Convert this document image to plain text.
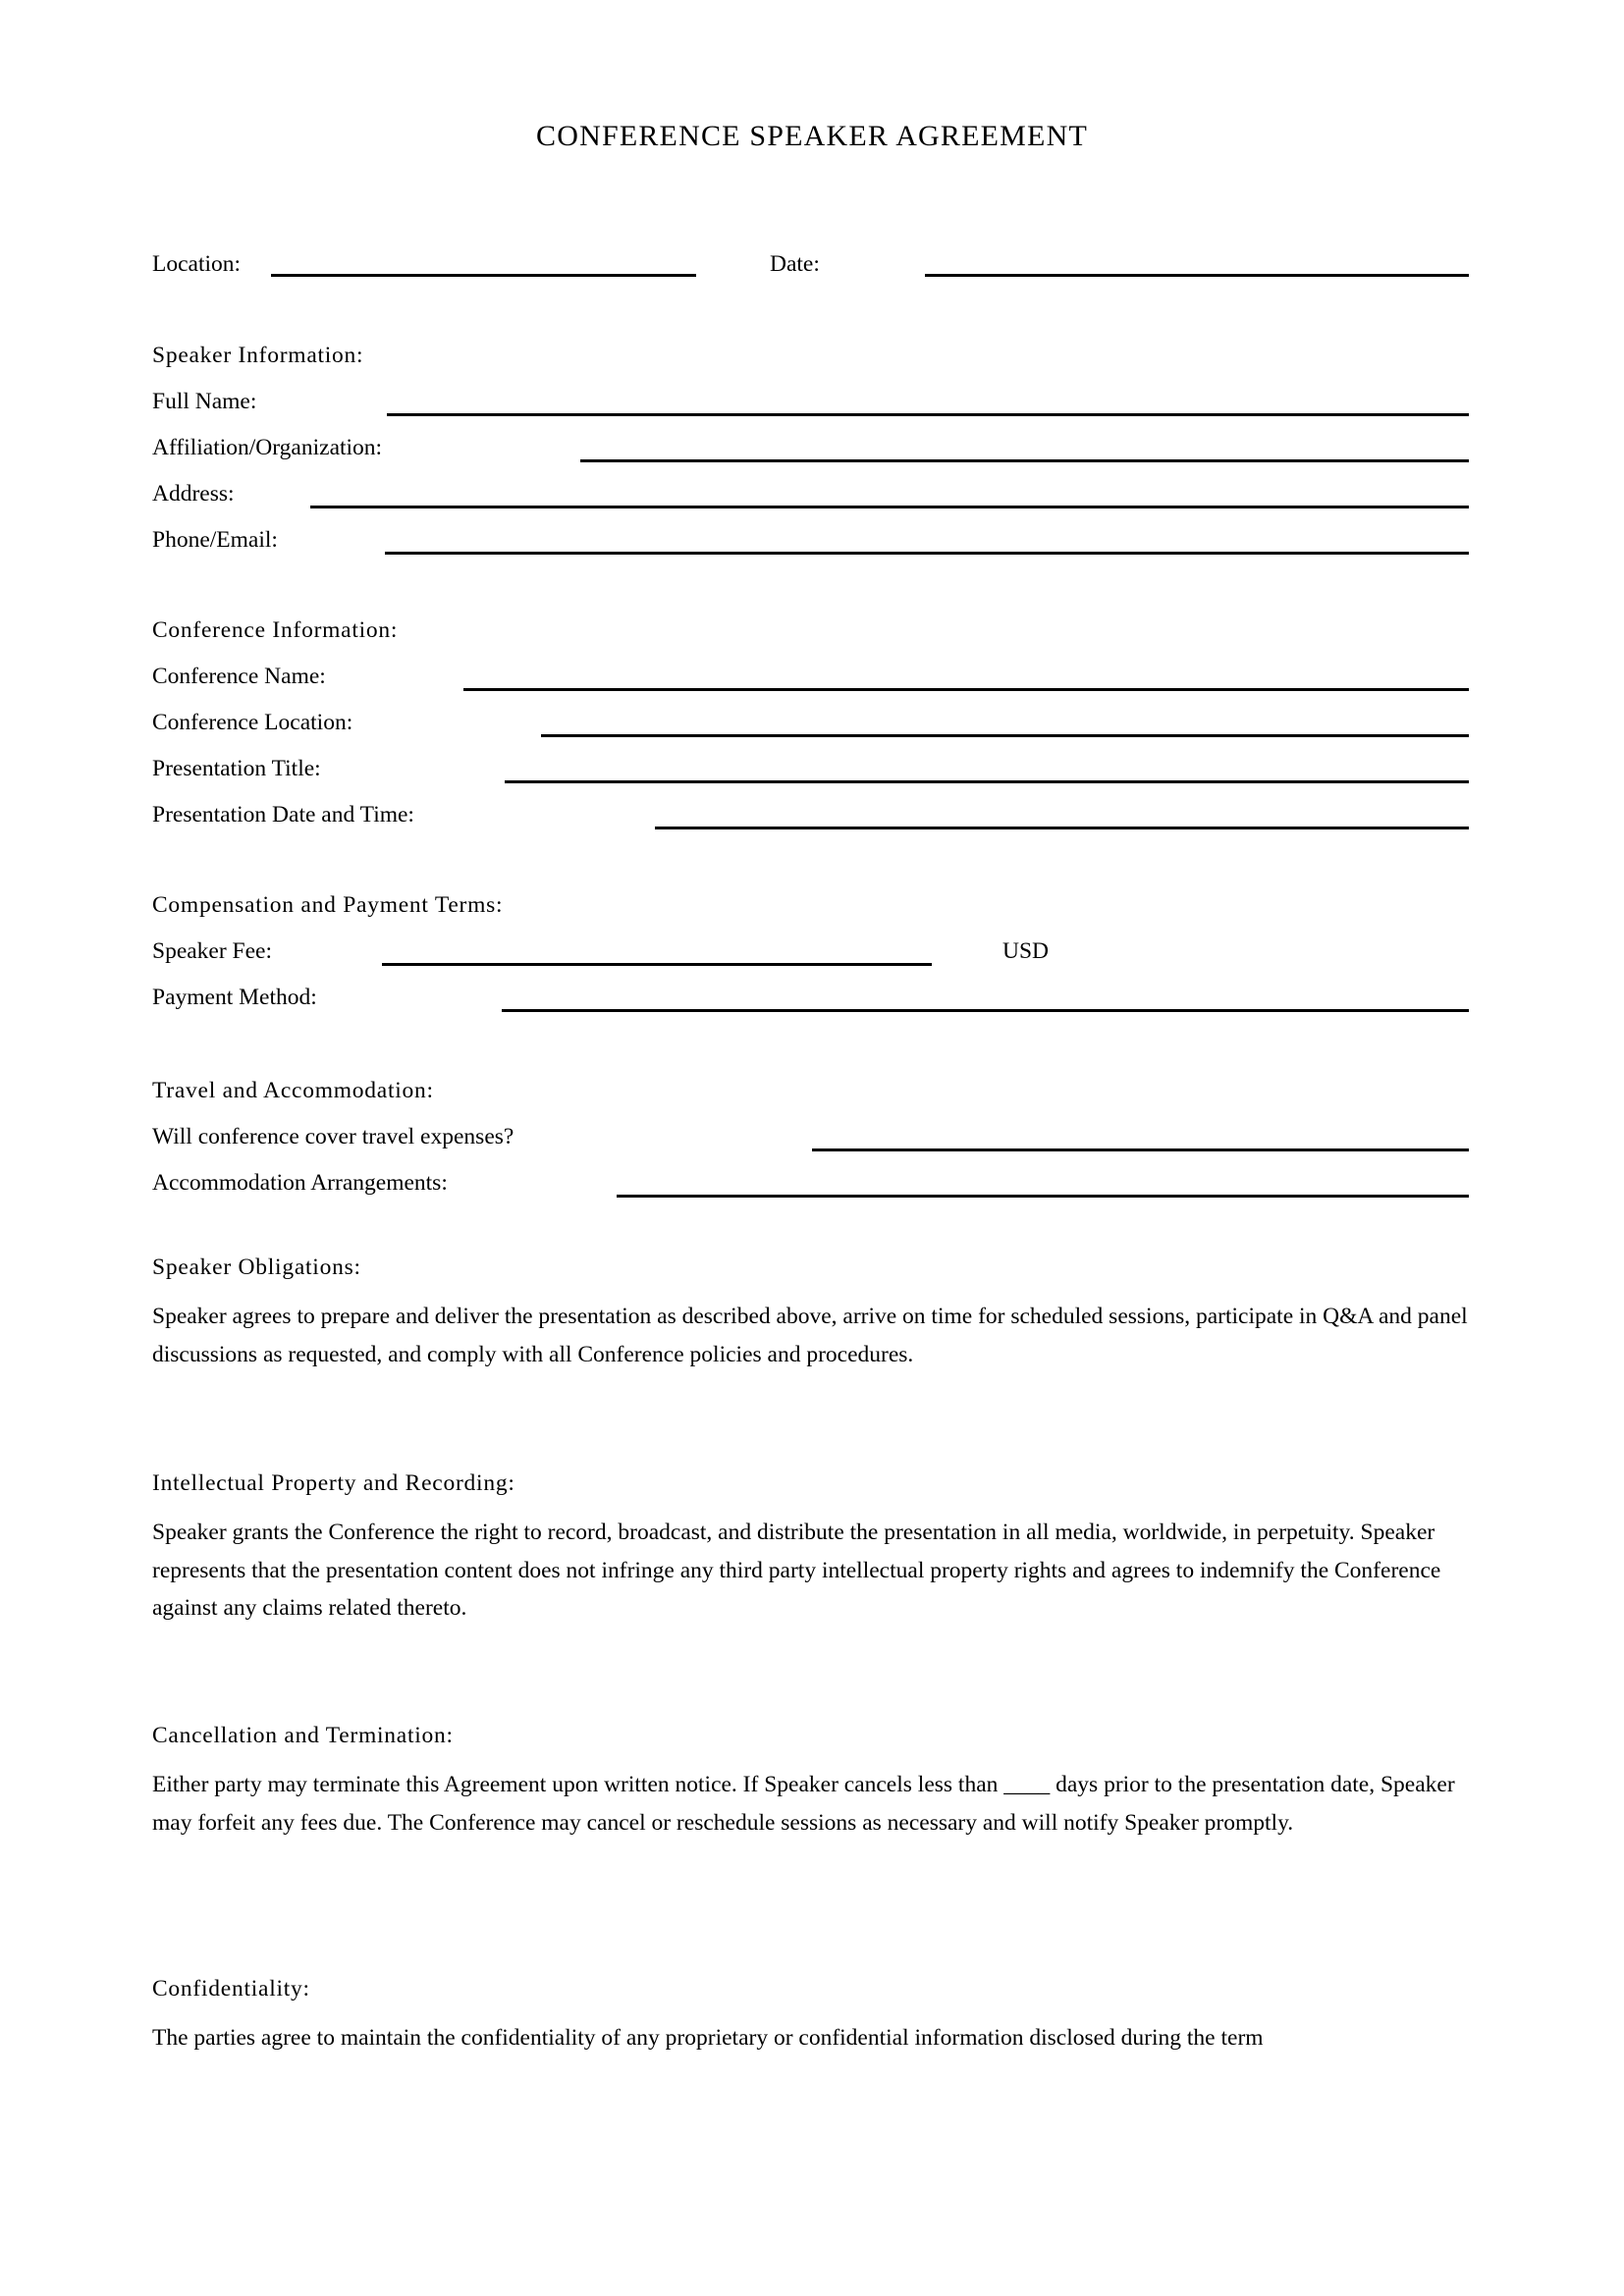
CONFERENCE SPEAKER AGREEMENT
Location:	Date:
Speaker Information:
Full Name:
Affiliation/Organization:
Address:
Phone/Email:
Conference Information:
Conference Name:
Conference Location:
Presentation Title:
Presentation Date and Time:
Compensation and Payment Terms:
Speaker Fee:	USD
Payment Method:
Travel and Accommodation:
Will conference cover travel expenses?
Accommodation Arrangements:
Speaker Obligations:
Speaker agrees to prepare and deliver the presentation as described above, arrive on time for scheduled sessions, participate in Q&A and panel discussions as requested, and comply with all Conference policies and procedures.
Intellectual Property and Recording:
Speaker grants the Conference the right to record, broadcast, and distribute the presentation in all media, worldwide, in perpetuity. Speaker represents that the presentation content does not infringe any third party intellectual property rights and agrees to indemnify the Conference against any claims related thereto.
Cancellation and Termination:
Either party may terminate this Agreement upon written notice. If Speaker cancels less than ____ days prior to the presentation date, Speaker may forfeit any fees due. The Conference may cancel or reschedule sessions as necessary and will notify Speaker promptly.
Confidentiality:
The parties agree to maintain the confidentiality of any proprietary or confidential information disclosed during the term
